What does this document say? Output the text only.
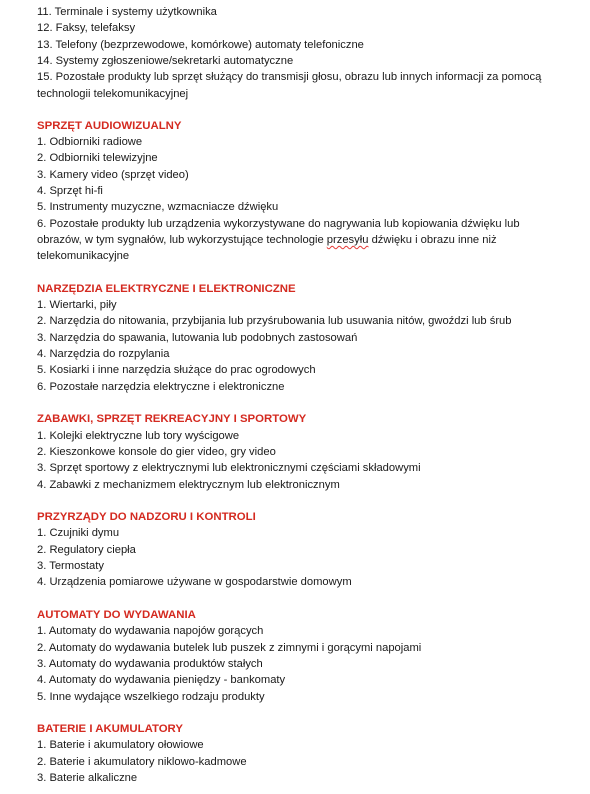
11. Terminale i systemy użytkownika
12. Faksy, telefaksy
13. Telefony (bezprzewodowe, komórkowe) automaty telefoniczne
14. Systemy zgłoszeniowe/sekretarki automatyczne
15. Pozostałe produkty lub sprzęt służący do transmisji głosu, obrazu lub innych informacji za pomocą
technologii telekomunikacyjnej
SPRZĘT AUDIOWIZUALNY
1. Odbiorniki radiowe
2. Odbiorniki telewizyjne
3. Kamery video (sprzęt video)
4. Sprzęt hi-fi
5. Instrumenty muzyczne, wzmacniacze dźwięku
6. Pozostałe produkty lub urządzenia wykorzystywane do nagrywania lub kopiowania dźwięku lub
obrazów, w tym sygnałów, lub wykorzystujące technologie przesyłu dźwięku i obrazu inne niż
telekomunikacyjne
NARZĘDZIA ELEKTRYCZNE I ELEKTRONICZNE
1. Wiertarki, piły
2. Narzędzia do nitowania, przybijania lub przyśrubowania lub usuwania nitów, gwoździ lub śrub
3. Narzędzia do spawania, lutowania lub podobnych zastosowań
4. Narzędzia do rozpylania
5. Kosiarki i inne narzędzia służące do prac ogrodowych
6. Pozostałe narzędzia elektryczne i elektroniczne
ZABAWKI, SPRZĘT REKREACYJNY I SPORTOWY
1. Kolejki elektryczne lub tory wyścigowe
2. Kieszonkowe konsole do gier video, gry video
3. Sprzęt sportowy z elektrycznymi lub elektronicznymi częściami składowymi
4. Zabawki z mechanizmem elektrycznym lub elektronicznym
PRZYRZĄDY DO NADZORU I KONTROLI
1. Czujniki dymu
2. Regulatory ciepła
3. Termostaty
4. Urządzenia pomiarowe używane w gospodarstwie domowym
AUTOMATY DO WYDAWANIA
1. Automaty do wydawania napojów gorących
2. Automaty do wydawania butelek lub puszek z zimnymi i gorącymi napojami
3. Automaty do wydawania produktów stałych
4. Automaty do wydawania pieniędzy - bankomaty
5. Inne wydające wszelkiego rodzaju produkty
BATERIE I AKUMULATORY
1. Baterie i akumulatory ołowiowe
2. Baterie i akumulatory niklowo-kadmowe
3. Baterie alkaliczne
